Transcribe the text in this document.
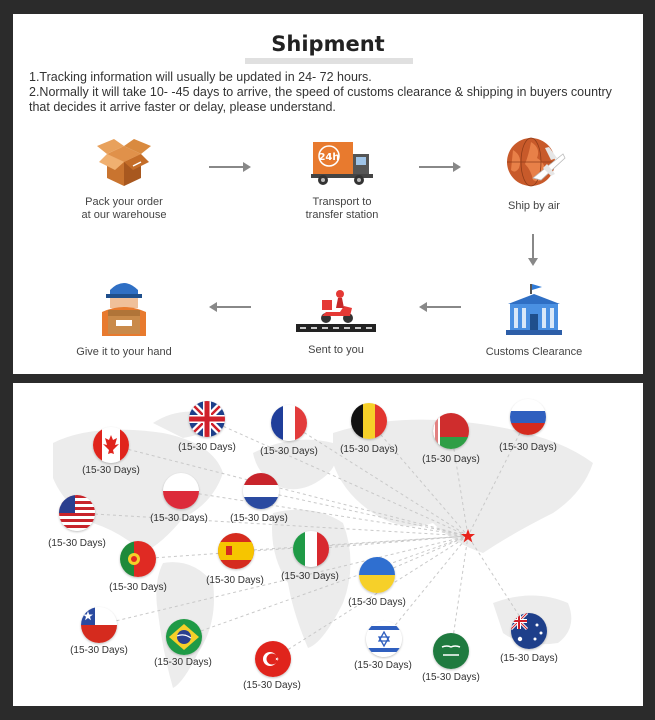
Shipment
1.Tracking information will usually be updated in 24- 72 hours.
2.Normally it will take 10- -45 days to arrive, the speed of customs clearance & shipping in buyers country that decides it arrive faster or delay, please understand.
Pack your order
at our warehouse
24h
Transport to
transfer station
Ship by air
Customs Clearance
Sent to you
Give it to your hand
(15-30 Days) (15-30 Days) (15-30 Days)
(15-30 Days)
(15-30 Days)
(15-30 Days)
(15-30 Days) (15-30 Days)
(15-30 Days)
(15-30 Days)
(15-30 Days) (15-30 Days)
(15-30 Days)
(15-30 Days)
(15-30 Days)
(15-30 Days)
(15-30 Days)
(15-30 Days)
(15-30 Days)
